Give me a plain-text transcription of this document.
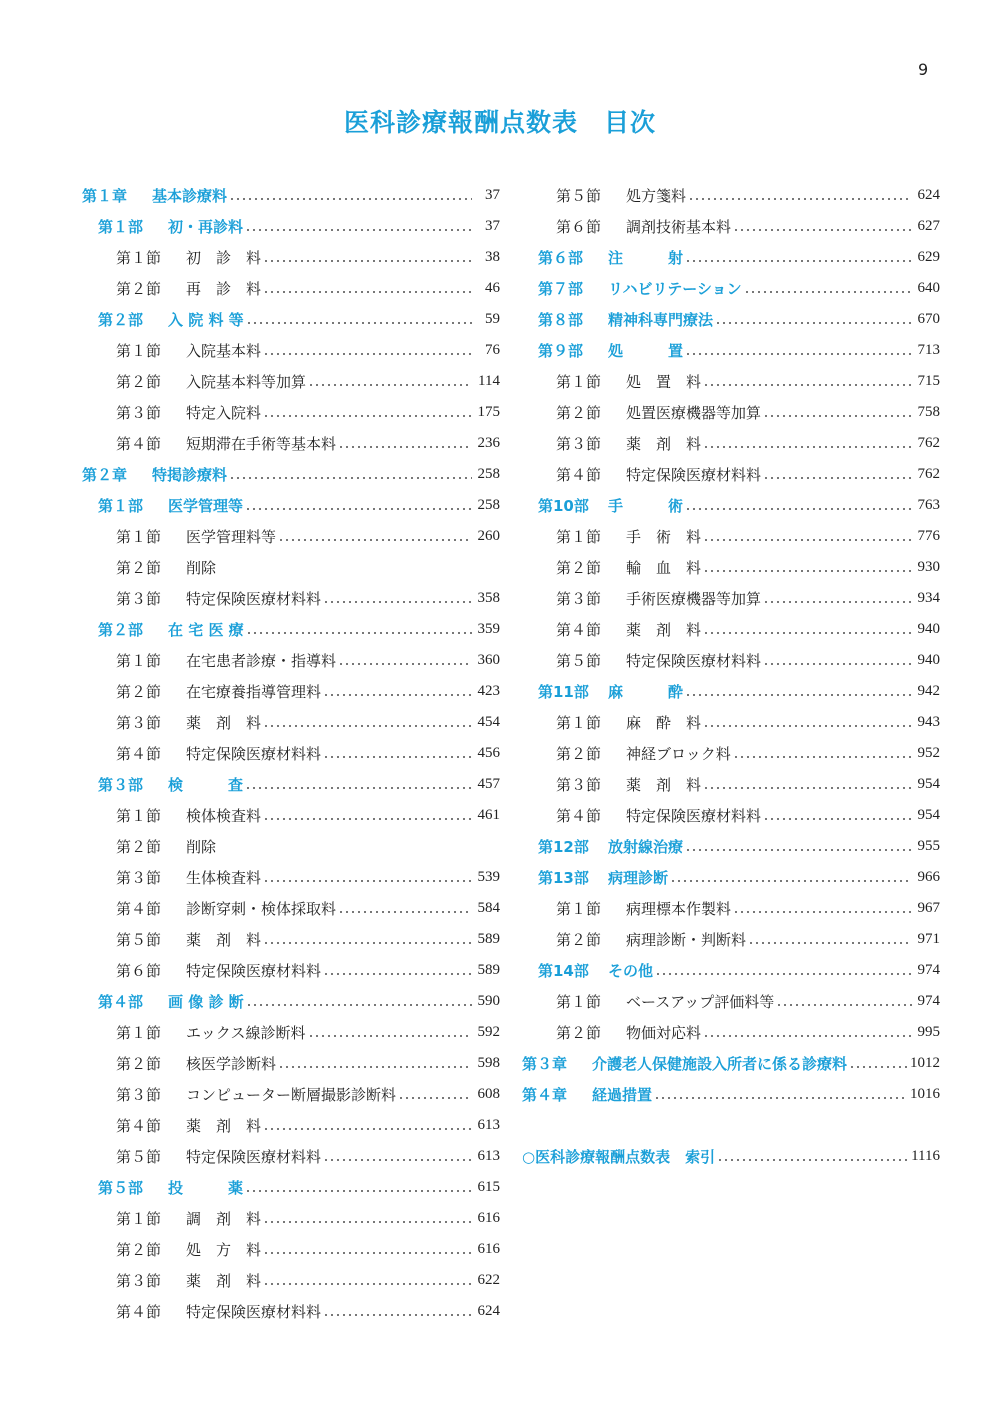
9
医科診療報酬点数表　目次
第１章	基本診療料	37
第１部	初・再診料	37
第１節	初　診　料	38
第２節	再　診　料	46
第２部	入 院 料 等	59
第１節	入院基本料	76
第２節	入院基本料等加算	114
第３節	特定入院料	175
第４節	短期滞在手術等基本料	236
第２章	特掲診療料	258
第１部	医学管理等	258
第１節	医学管理料等	260
第２節	削除
第３節	特定保険医療材料料	358
第２部	在 宅 医 療	359
第１節	在宅患者診療・指導料	360
第２節	在宅療養指導管理料	423
第３節	薬　剤　料	454
第４節	特定保険医療材料料	456
第３部	検　　　査	457
第１節	検体検査料	461
第２節	削除
第３節	生体検査料	539
第４節	診断穿刺・検体採取料	584
第５節	薬　剤　料	589
第６節	特定保険医療材料料	589
第４部	画 像 診 断	590
第１節	エックス線診断料	592
第２節	核医学診断料	598
第３節	コンピューター断層撮影診断料	608
第４節	薬　剤　料	613
第５節	特定保険医療材料料	613
第５部	投　　　薬	615
第１節	調　剤　料	616
第２節	処　方　料	616
第３節	薬　剤　料	622
第４節	特定保険医療材料料	624
第５節	処方箋料	624
第６節	調剤技術基本料	627
第６部	注　　　射	629
第７部	リハビリテーション	640
第８部	精神科専門療法	670
第９部	処　　　置	713
第１節	処　置　料	715
第２節	処置医療機器等加算	758
第３節	薬　剤　料	762
第４節	特定保険医療材料料	762
第10部	手　　　術	763
第１節	手　術　料	776
第２節	輸　血　料	930
第３節	手術医療機器等加算	934
第４節	薬　剤　料	940
第５節	特定保険医療材料料	940
第11部	麻　　　酔	942
第１節	麻　酔　料	943
第２節	神経ブロック料	952
第３節	薬　剤　料	954
第４節	特定保険医療材料料	954
第12部	放射線治療	955
第13部	病理診断	966
第１節	病理標本作製料	967
第２節	病理診断・判断料	971
第14部	その他	974
第１節	ベースアップ評価料等	974
第２節	物価対応料	995
第３章	介護老人保健施設入所者に係る診療料	1012
第４章	経過措置	1016
○医科診療報酬点数表　索引	1116
